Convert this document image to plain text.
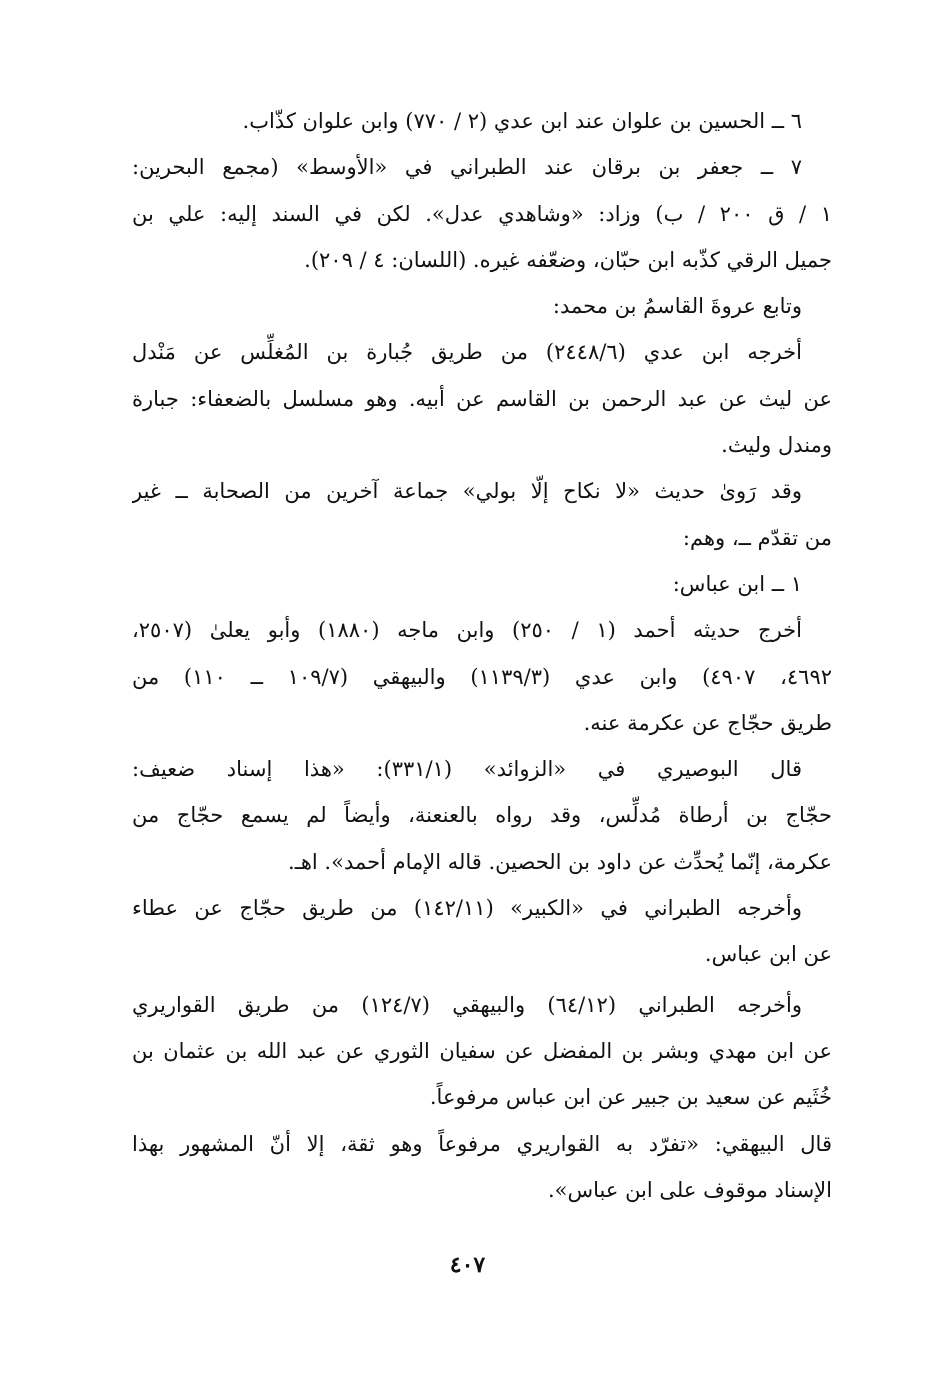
٦ ــ الحسين بن علوان عند ابن عدي (٢ / ٧٧٠) وابن علوان كذّاب.
٧ ــ جعفر بن برقان عند الطبراني في «الأوسط» (مجمع البحرين:
١ / ق ٢٠٠ / ب) وزاد: «وشاهدي عدل». لكن في السند إليه: علي بن
جميل الرقي كذّبه ابن حبّان، وضعّفه غيره. (اللسان: ٤ / ٢٠٩).
وتابع عروةَ القاسمُ بن محمد:
أخرجه ابن عدي (٢٤٤٨/٦) من طريق جُبارة بن المُغلِّس عن مَنْدل
عن ليث عن عبد الرحمن بن القاسم عن أبيه. وهو مسلسل بالضعفاء: جبارة
ومندل وليث.
وقد رَوىٰ حديث «لا نكاح إلّا بولي» جماعة آخرين من الصحابة ــ غير
من تقدّم ــ، وهم:
١ ــ ابن عباس:
أخرج حديثه أحمد (١ / ٢٥٠) وابن ماجه (١٨٨٠) وأبو يعلىٰ (٢٥٠٧،
٤٦٩٢، ٤٩٠٧) وابن عدي (١١٣٩/٣) والبيهقي (١٠٩/٧ ــ ١١٠) من
طريق حجّاج عن عكرمة عنه.
قال البوصيري في «الزوائد» (٣٣١/١): «هذا إسناد ضعيف:
حجّاج بن أرطاة مُدلِّس، وقد رواه بالعنعنة، وأيضاً لم يسمع حجّاج من
عكرمة، إنّما يُحدِّث عن داود بن الحصين. قاله الإمام أحمد». اهـ.
وأخرجه الطبراني في «الكبير» (١٤٢/١١) من طريق حجّاج عن عطاء
عن ابن عباس.
وأخرجه الطبراني (٦٤/١٢) والبيهقي (١٢٤/٧) من طريق القواريري
عن ابن مهدي وبشر بن المفضل عن سفيان الثوري عن عبد الله بن عثمان بن
خُثَيم عن سعيد بن جبير عن ابن عباس مرفوعاً.
قال البيهقي: «تفرّد به القواريري مرفوعاً وهو ثقة، إلا أنّ المشهور بهذا
الإسناد موقوف على ابن عباس».
٤٠٧
